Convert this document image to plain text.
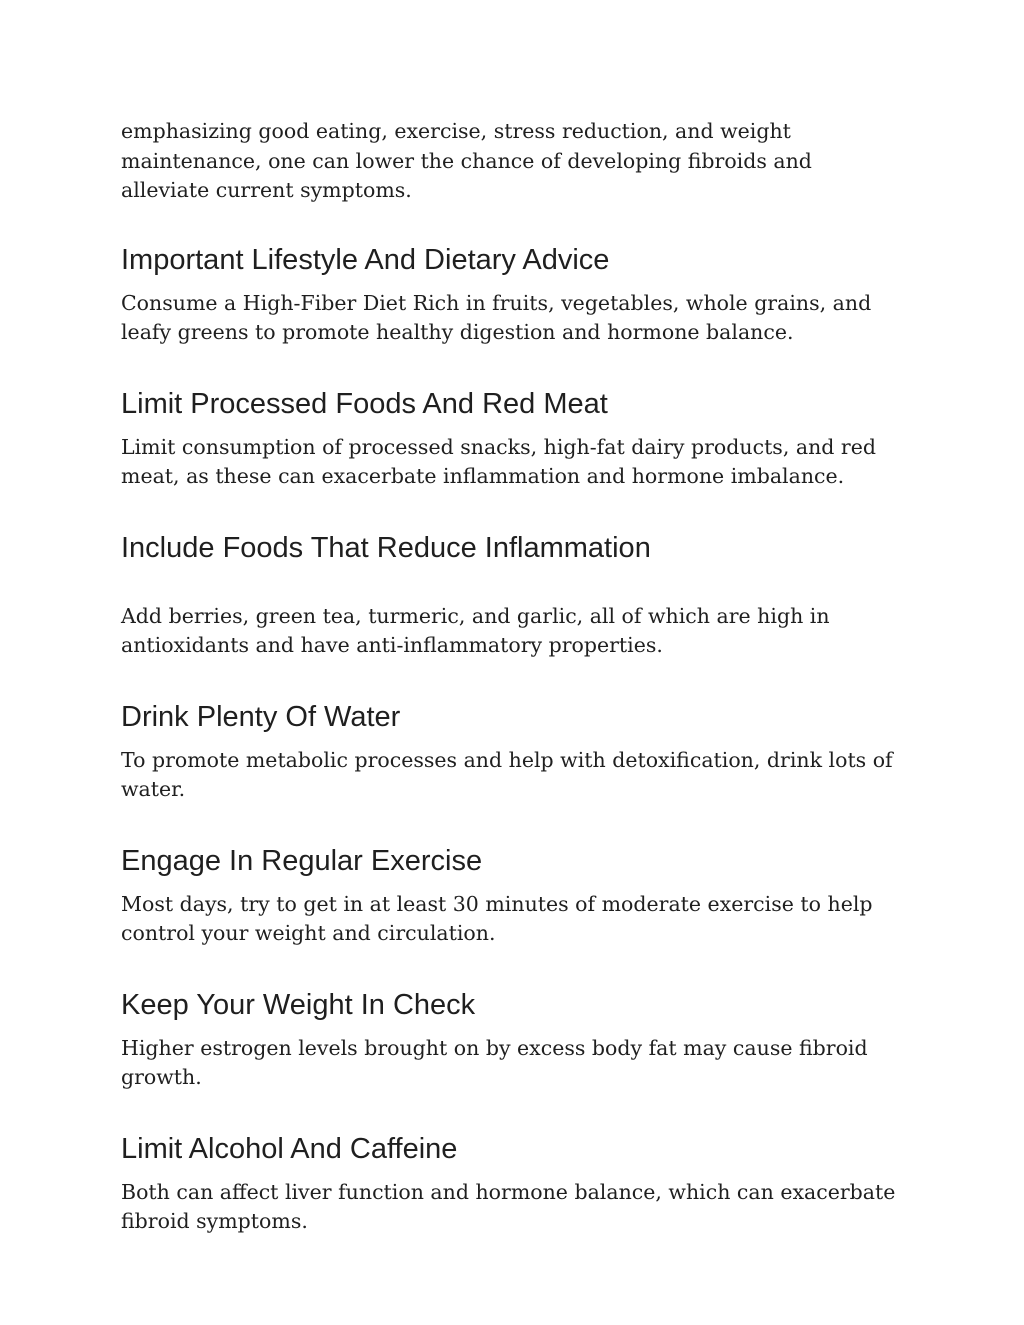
emphasizing good eating, exercise, stress reduction, and weight maintenance, one can lower the chance of developing fibroids and alleviate current symptoms.

Important Lifestyle And Dietary Advice

Consume a High-Fiber Diet Rich in fruits, vegetables, whole grains, and leafy greens to promote healthy digestion and hormone balance.

Limit Processed Foods And Red Meat

Limit consumption of processed snacks, high-fat dairy products, and red meat, as these can exacerbate inflammation and hormone imbalance.

Include Foods That Reduce Inflammation

Add berries, green tea, turmeric, and garlic, all of which are high in antioxidants and have anti-inflammatory properties.

Drink Plenty Of Water

To promote metabolic processes and help with detoxification, drink lots of water.

Engage In Regular Exercise

Most days, try to get in at least 30 minutes of moderate exercise to help control your weight and circulation.

Keep Your Weight In Check

Higher estrogen levels brought on by excess body fat may cause fibroid growth.

Limit Alcohol And Caffeine

Both can affect liver function and hormone balance, which can exacerbate fibroid symptoms.
